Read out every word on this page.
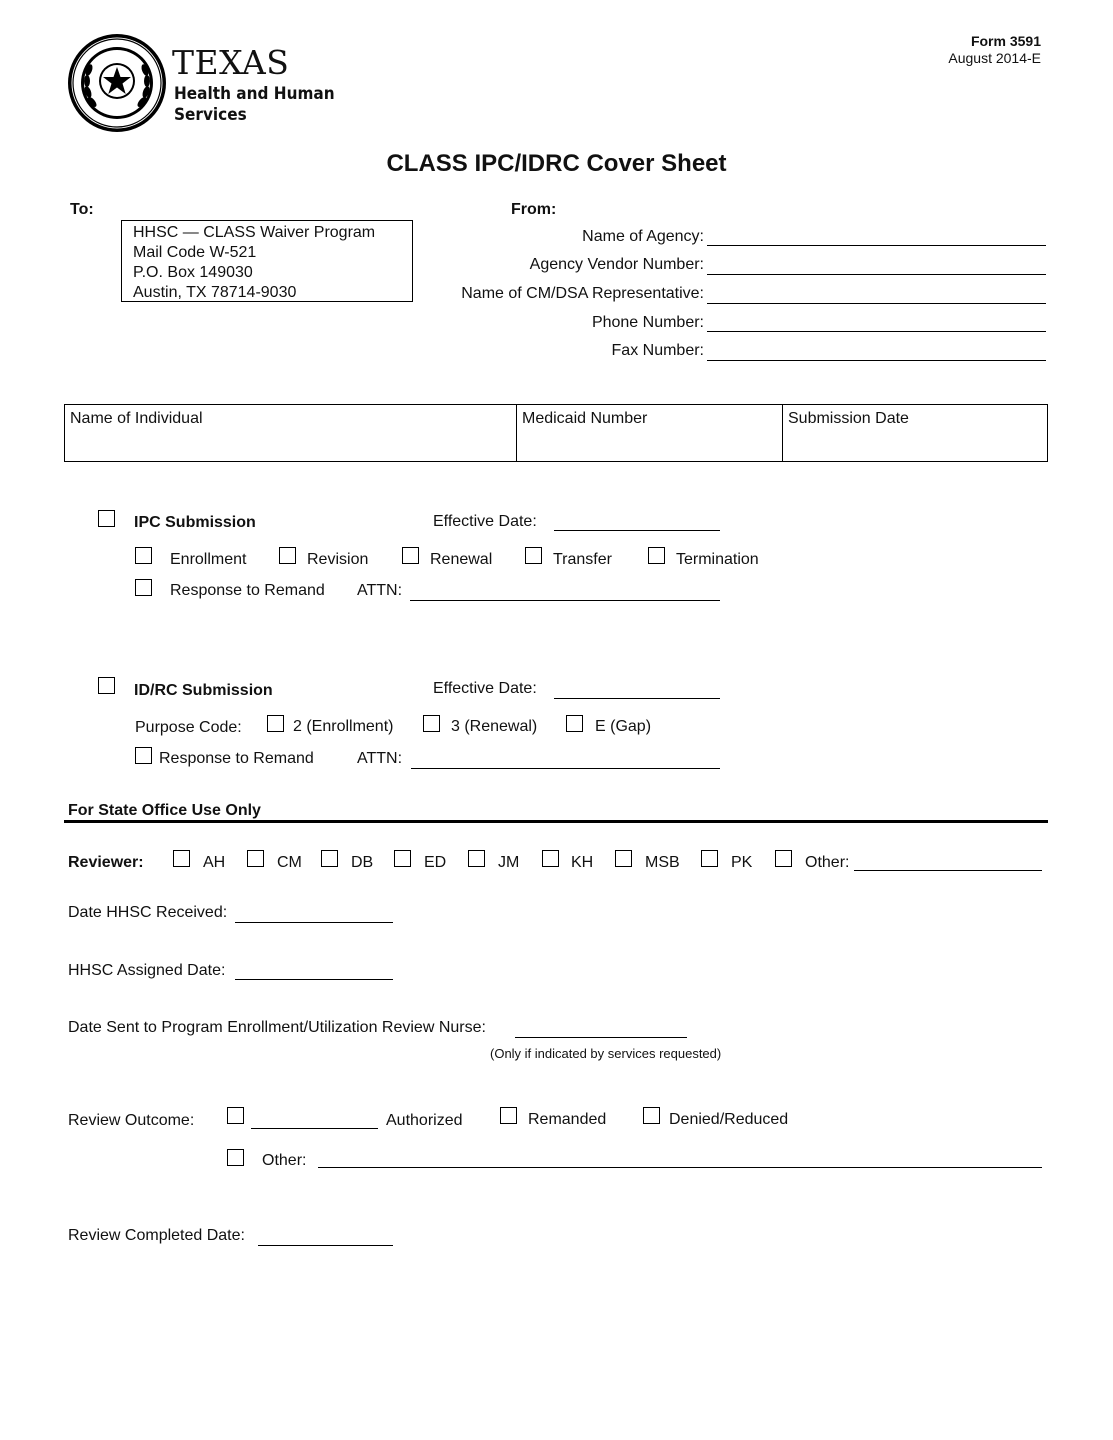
TEXAS
Health and Human
Services
Form 3591
August 2014-E
CLASS IPC/IDRC Cover Sheet
To:
HHSC — CLASS Waiver Program
Mail Code W-521
P.O. Box 149030
Austin, TX 78714-9030
From:
Name of Agency:
Agency Vendor Number:
Name of CM/DSA Representative:
Phone Number:
Fax Number:
Name of Individual	Medicaid Number	Submission Date
IPC Submission	Effective Date:
Enrollment	Revision	Renewal	Transfer	Termination
Response to Remand ATTN:
ID/RC Submission	Effective Date:
Purpose Code:	2 (Enrollment)	3 (Renewal)	E (Gap)
Response to Remand	ATTN:
For State Office Use Only
Reviewer:	AH	CM	DB	ED	JM	KH	MSB	PK	Other:
Date HHSC Received:
HHSC Assigned Date:
Date Sent to Program Enrollment/Utilization Review Nurse:
(Only if indicated by services requested)
Review Outcome:	Authorized	Remanded	Denied/Reduced
Other:
Review Completed Date:
